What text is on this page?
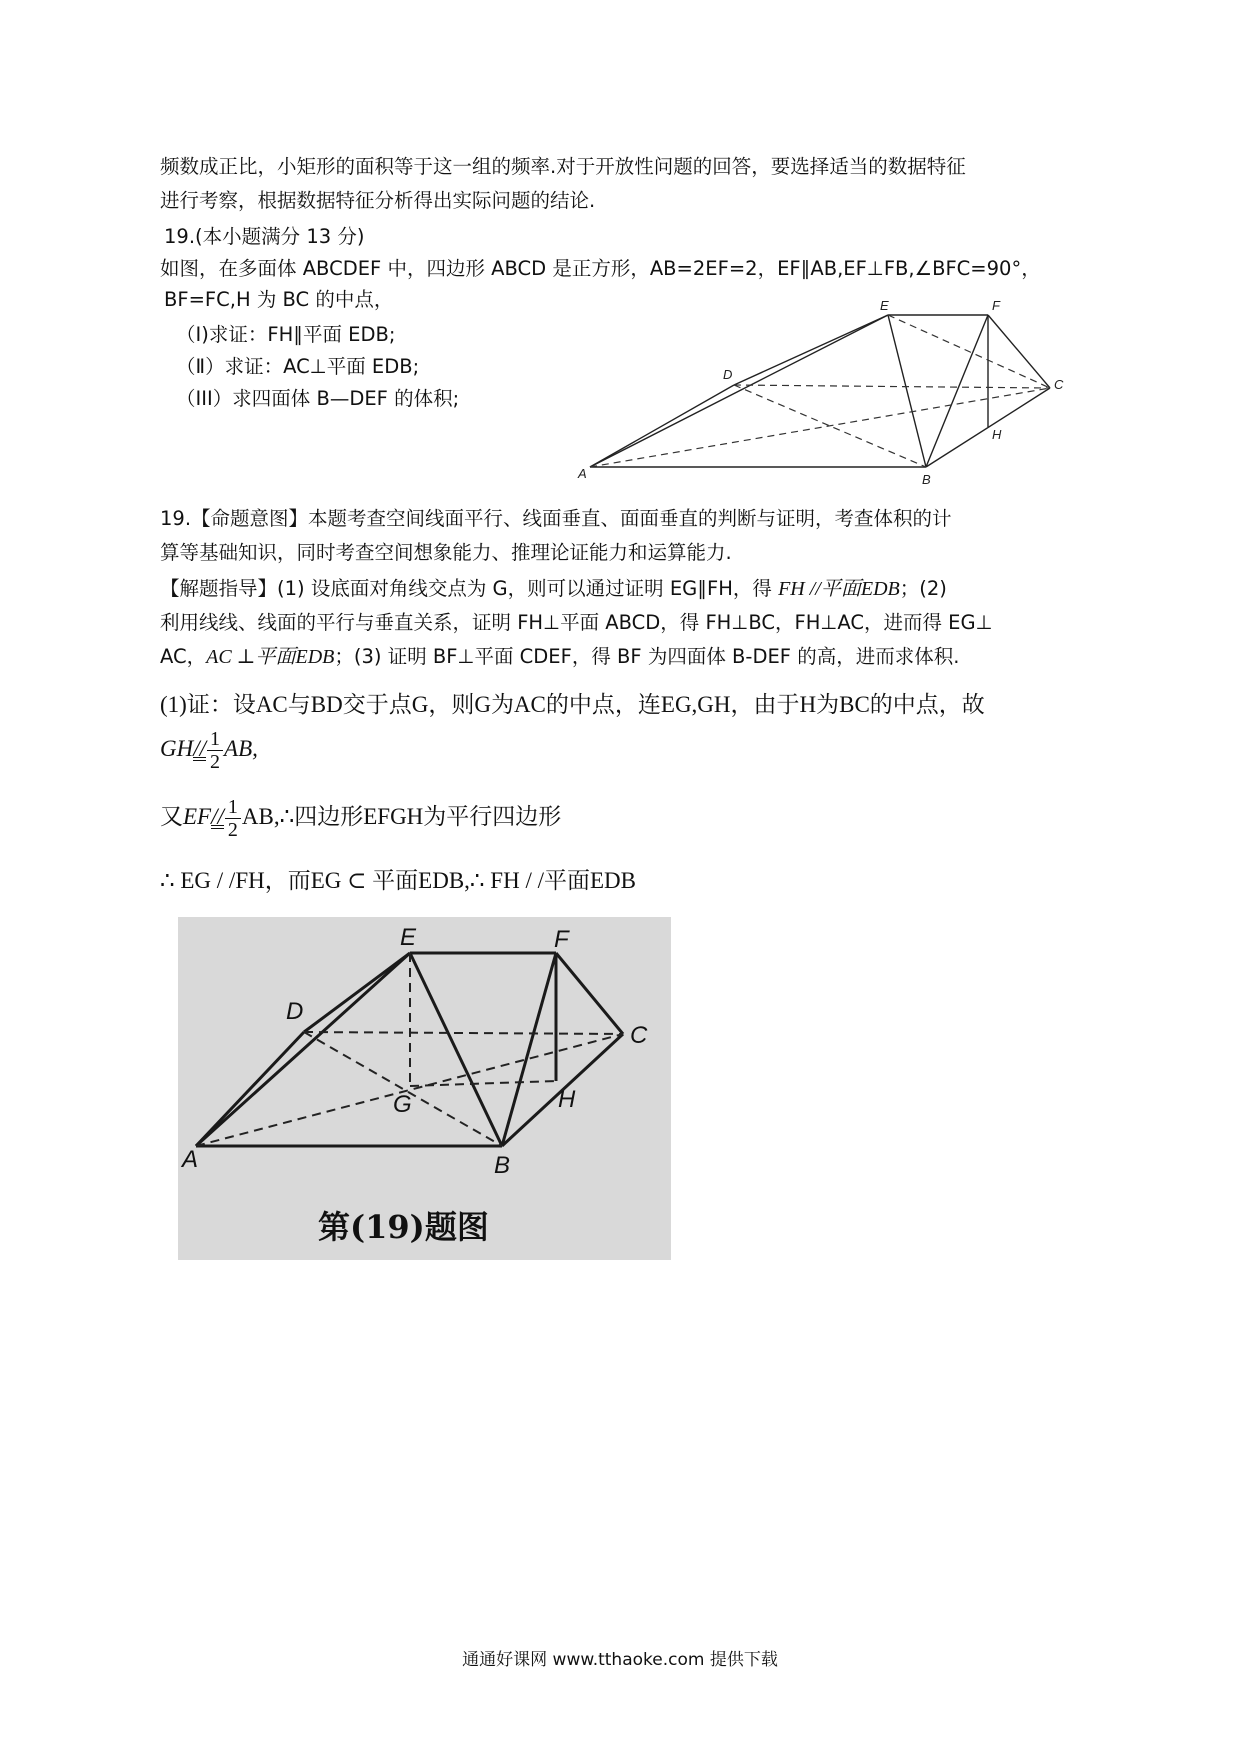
频数成正比，小矩形的面积等于这一组的频率.对于开放性问题的回答，要选择适当的数据特征
进行考察，根据数据特征分析得出实际问题的结论.
19.(本小题满分 13 分)
如图，在多面体 ABCDEF 中，四边形 ABCD 是正方形，AB=2EF=2，EF∥AB,EF⊥FB,∠BFC=90°，
BF=FC,H 为 BC 的中点，
（Ⅰ)求证：FH∥平面 EDB;
（Ⅱ）求证：AC⊥平面 EDB;
（III）求四面体 B—DEF 的体积;
E	F
D
C
H
A	B
19.【命题意图】本题考查空间线面平行、线面垂直、面面垂直的判断与证明，考查体积的计
算等基础知识，同时考查空间想象能力、推理论证能力和运算能力.
【解题指导】(1) 设底面对角线交点为 G，则可以通过证明 EG∥FH，得 FH //平面EDB；(2)
利用线线、线面的平行与垂直关系，证明 FH⊥平面 ABCD，得 FH⊥BC，FH⊥AC，进而得 EG⊥
AC，AC ⊥平面EDB；(3) 证明 BF⊥平面 CDEF，得 BF 为四面体 B-DEF 的高，进而求体积.
(1)证：设AC与BD交于点G，则G为AC的中点，连EG,GH，由于H为BC的中点，故
$GH// \frac{1}{2}$ AB,
又$EF// \frac{1}{2}$ AB,∴四边形EFGH为平行四边形
∴ EG / /FH，而EG ⊂ 平面EDB,∴ FH / /平面EDB
E	F
D
C
G	H
A	B
第(19)题图
通通好课网 www.tthaoke.com 提供下载
